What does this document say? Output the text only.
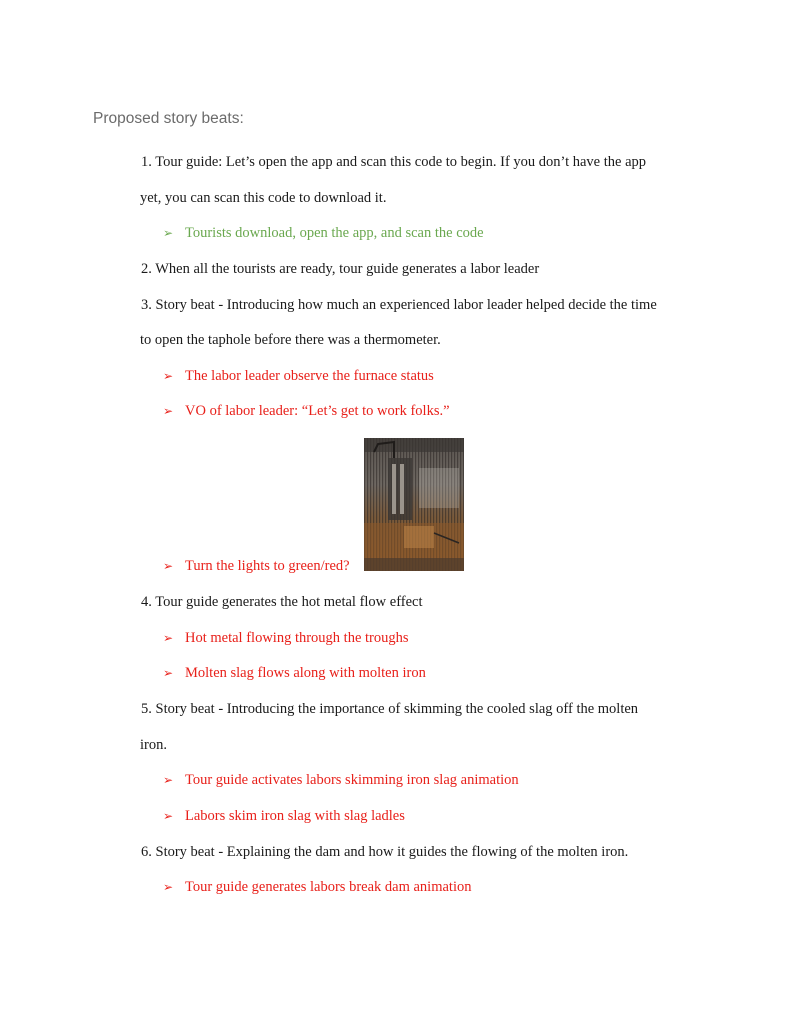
Proposed story beats:
1. Tour guide: Let’s open the app and scan this code to begin. If you don’t have the app
yet, you can scan this code to download it.
➢ Tourists download, open the app, and scan the code
2. When all the tourists are ready, tour guide generates a labor leader
3. Story beat - Introducing how much an experienced labor leader helped decide the time
to open the taphole before there was a thermometer.
➢ The labor leader observe the furnace status
➢ VO of labor leader: “Let’s get to work folks.”
➢ Turn the lights to green/red?
4. Tour guide generates the hot metal flow effect
➢ Hot metal flowing through the troughs
➢ Molten slag flows along with molten iron
5. Story beat - Introducing the importance of skimming the cooled slag off the molten
iron.
➢ Tour guide activates labors skimming iron slag animation
➢ Labors skim iron slag with slag ladles
6. Story beat - Explaining the dam and how it guides the flowing of the molten iron.
➢ Tour guide generates labors break dam animation
